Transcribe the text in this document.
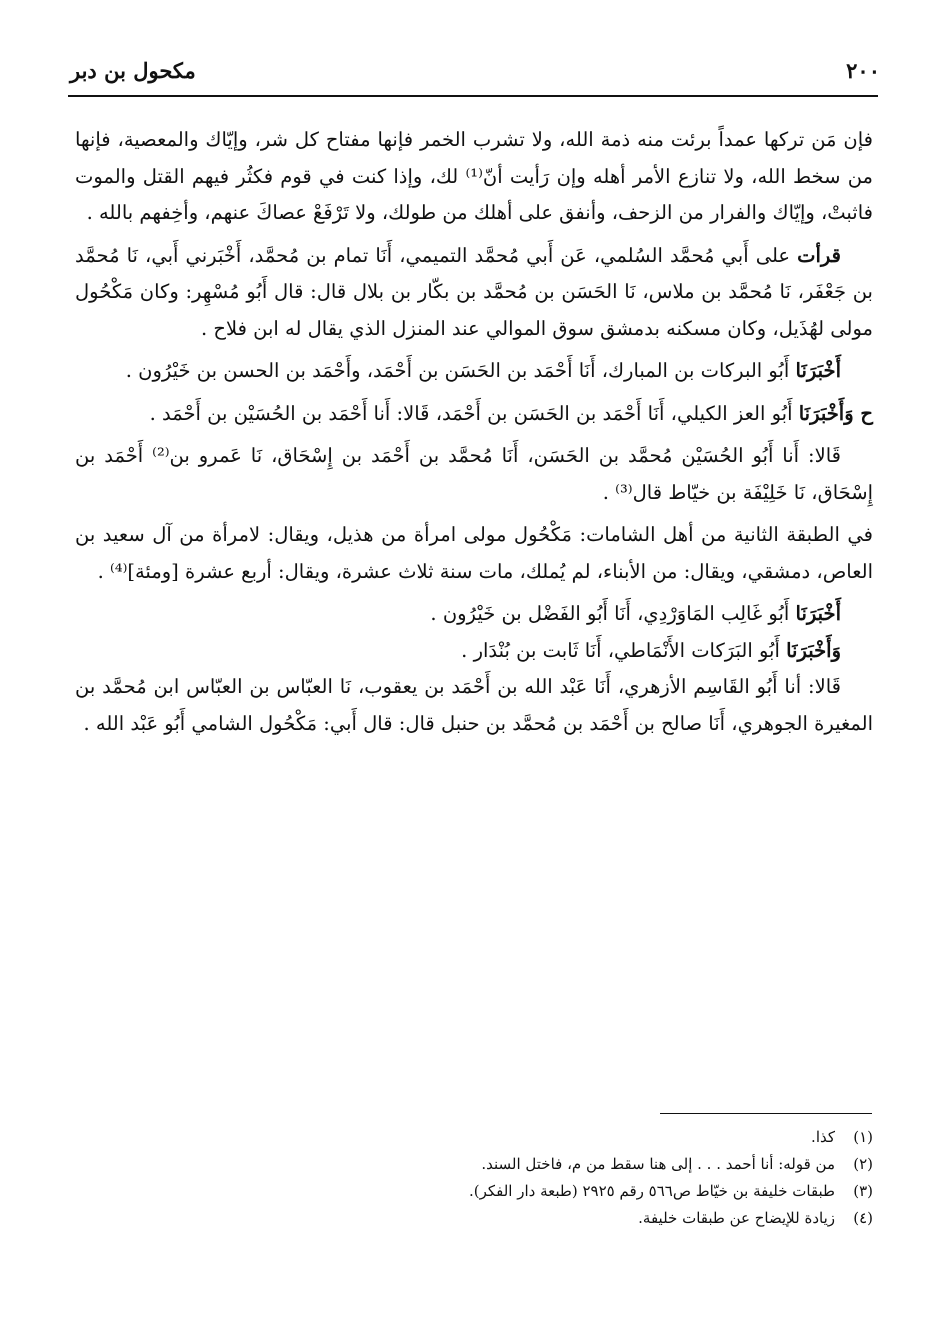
٢٠٠
مكحول بن دبر

فإن مَن تركها عمداً برئت منه ذمة الله، ولا تشرب الخمر فإنها مفتاح كل شر، وإيّاك والمعصية، فإنها من سخط الله، ولا تنازع الأمر أهله وإن رَأيت أنّ⁽¹⁾ لك، وإذا كنت في قوم فكثُر فيهم القتل والموت فاثبتْ، وإيّاك والفرار من الزحف، وأنفق على أهلك من طولك، ولا تَرْفَعْ عصاكَ عنهم، وأخِفهم بالله .

قرأت على أَبي مُحمَّد السُلمي، عَن أَبي مُحمَّد التميمي، أَنَا تمام بن مُحمَّد، أَخْبَرني أَبي، نَا مُحمَّد بن جَعْفَر، نَا مُحمَّد بن ملاس، نَا الحَسَن بن مُحمَّد بن بكّار بن بلال قال: قال أَبُو مُسْهِر: وكان مَكْحُول مولى لهُذَيل، وكان مسكنه بدمشق سوق الموالي عند المنزل الذي يقال له ابن فلاح .

أَخْبَرَنَا أَبُو البركات بن المبارك، أَنَا أَحْمَد بن الحَسَن بن أَحْمَد، وأَحْمَد بن الحسن بن خَيْرُون .

ح وَأَخْبَرَنَا أَبُو العز الكيلي، أَنَا أَحْمَد بن الحَسَن بن أَحْمَد، قَالا: أَنا أَحْمَد بن الحُسَيْن بن أَحْمَد .

قَالا: أَنا أَبُو الحُسَيْن مُحمَّد بن الحَسَن، أَنَا مُحمَّد بن أَحْمَد بن إِسْحَاق، نَا عَمرو بن⁽²⁾ أَحْمَد بن إِسْحَاق، نَا خَلِيْفَة بن خيّاط قال⁽³⁾ .

في الطبقة الثانية من أهل الشامات: مَكْحُول مولى امرأة من هذيل، ويقال: لامرأة من آل سعيد بن العاص، دمشقي، ويقال: من الأبناء، لم يُملك، مات سنة ثلاث عشرة، ويقال: أربع عشرة [ومئة]⁽⁴⁾ .

أَخْبَرَنَا أَبُو غَالِب المَاوَرْدِي، أَنَا أَبُو الفَضْل بن خَيْرُون .

وَأَخْبَرَنَا أَبُو البَرَكات الأَنْمَاطي، أَنَا ثَابت بن بُنْدَار .

قَالا: أنا أَبُو القَاسِم الأزهري، أَنَا عَبْد الله بن أَحْمَد بن يعقوب، نَا العبّاس بن العبّاس ابن مُحمَّد بن المغيرة الجوهري، أَنَا صالح بن أَحْمَد بن مُحمَّد بن حنبل قال: قال أَبي: مَكْحُول الشامي أَبُو عَبْد الله .

(١)
كذا.
(٢)
من قوله: أنا أحمد . . . إلى هنا سقط من م، فاختل السند.
(٣)
طبقات خليفة بن خيّاط ص٥٦٦ رقم ٢٩٢٥ (طبعة دار الفكر).
(٤)
زيادة للإيضاح عن طبقات خليفة.
